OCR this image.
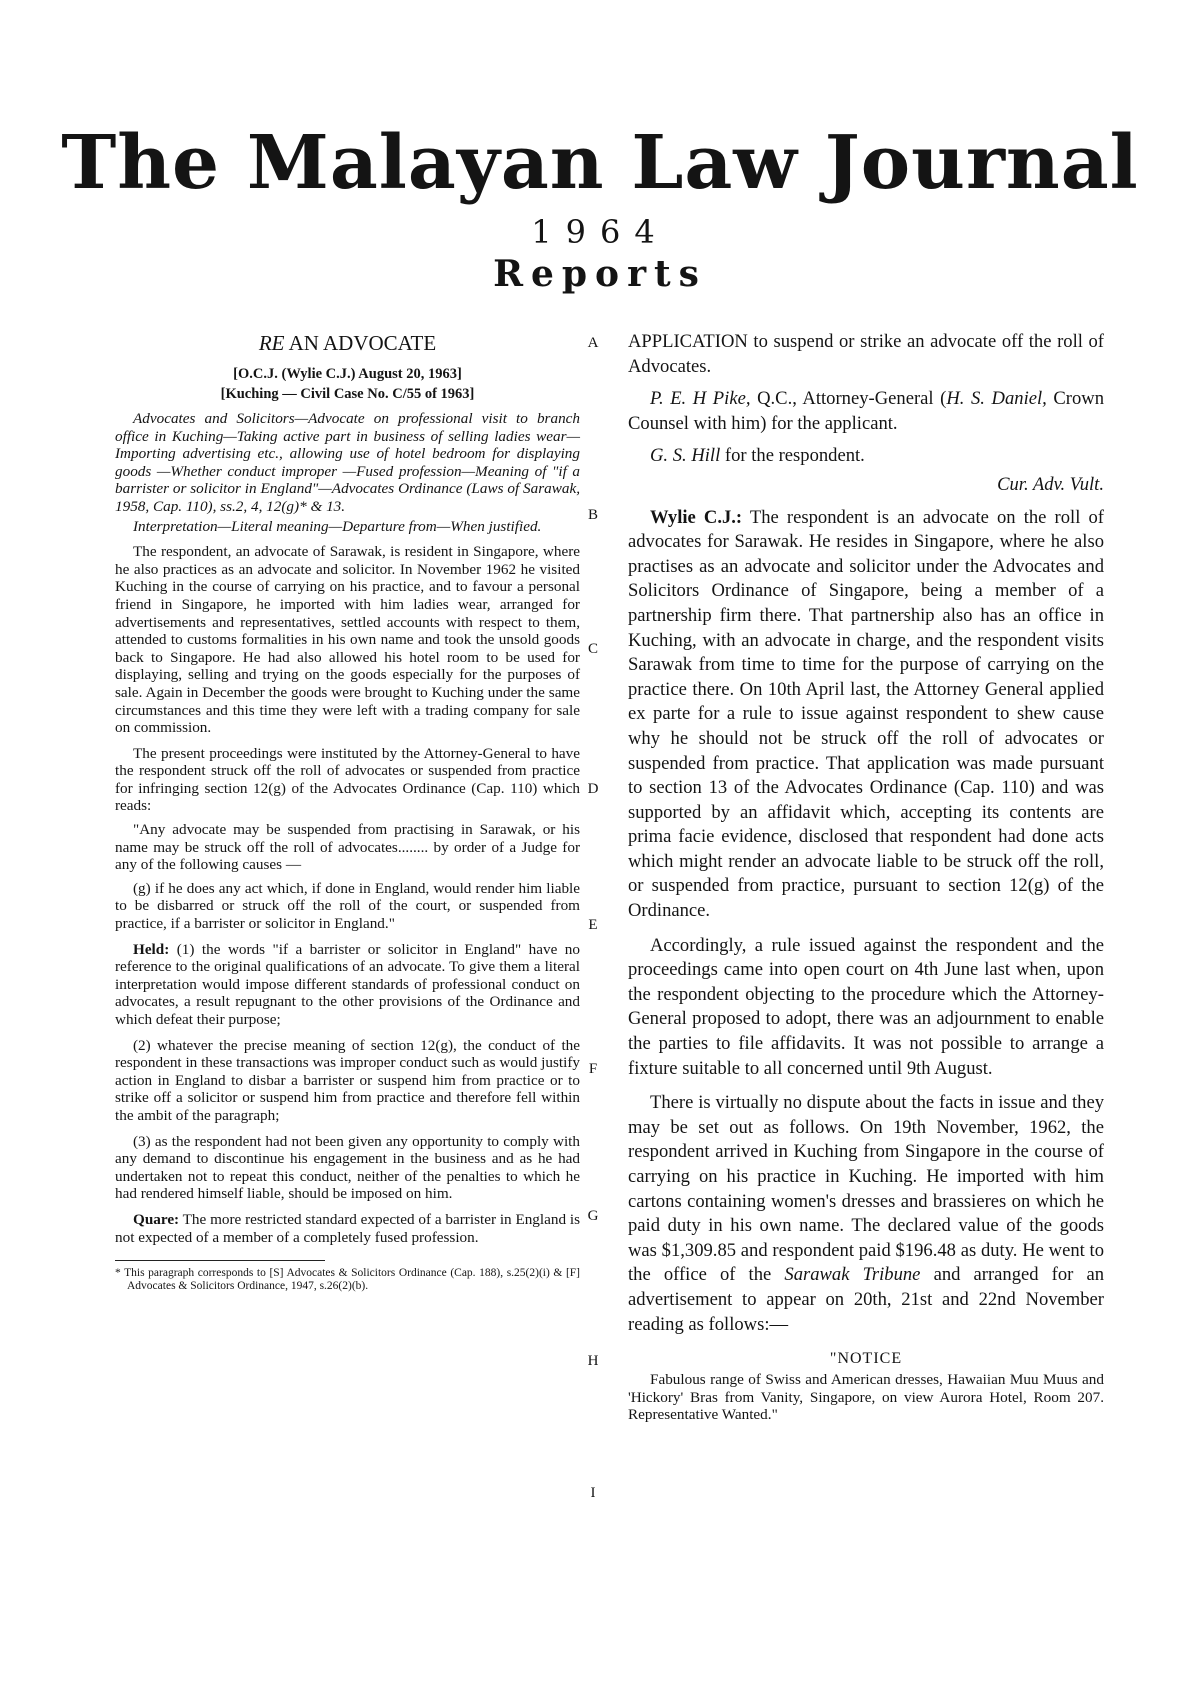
The Malayan Law Journal
1964
Reports

RE AN ADVOCATE

[O.C.J. (Wylie C.J.) August 20, 1963]

[Kuching — Civil Case No. C/55 of 1963]

Advocates and Solicitors—Advocate on professional visit to branch office in Kuching—Taking active part in business of selling ladies wear—Importing advertising etc., allowing use of hotel bedroom for displaying goods —Whether conduct improper —Fused profession—Meaning of "if a barrister or solicitor in England"—Advocates Ordinance (Laws of Sarawak, 1958, Cap. 110), ss.2, 4, 12(g)* & 13.

Interpretation—Literal meaning—Departure from—When justified.

The respondent, an advocate of Sarawak, is resident in Singapore, where he also practices as an advocate and solicitor. In November 1962 he visited Kuching in the course of carrying on his practice, and to favour a personal friend in Singapore, he imported with him ladies wear, arranged for advertisements and representatives, settled accounts with respect to them, attended to customs formalities in his own name and took the unsold goods back to Singapore. He had also allowed his hotel room to be used for displaying, selling and trying on the goods especially for the purposes of sale. Again in December the goods were brought to Kuching under the same circumstances and this time they were left with a trading company for sale on commission.

The present proceedings were instituted by the Attorney-General to have the respondent struck off the roll of advocates or suspended from practice for infringing section 12(g) of the Advocates Ordinance (Cap. 110) which reads:

"Any advocate may be suspended from practising in Sarawak, or his name may be struck off the roll of advocates........ by order of a Judge for any of the following causes —

(g) if he does any act which, if done in England, would render him liable to be disbarred or struck off the roll of the court, or suspended from practice, if a barrister or solicitor in England."

Held: (1) the words "if a barrister or solicitor in England" have no reference to the original qualifications of an advocate. To give them a literal interpretation would impose different standards of professional conduct on advocates, a result repugnant to the other provisions of the Ordinance and which defeat their purpose;

(2) whatever the precise meaning of section 12(g), the conduct of the respondent in these transactions was improper conduct such as would justify action in England to disbar a barrister or suspend him from practice or to strike off a solicitor or suspend him from practice and therefore fell within the ambit of the paragraph;

(3) as the respondent had not been given any opportunity to comply with any demand to discontinue his engagement in the business and as he had undertaken not to repeat this conduct, neither of the penalties to which he had rendered himself liable, should be imposed on him.

Quare: The more restricted standard expected of a barrister in England is not expected of a member of a completely fused profession.

* This paragraph corresponds to [S] Advocates & Solicitors Ordinance (Cap. 188), s.25(2)(i) & [F] Advocates & Solicitors Ordinance, 1947, s.26(2)(b).

A
B
C
D
E
F
G
H
I

APPLICATION to suspend or strike an advocate off the roll of Advocates.

P. E. H Pike, Q.C., Attorney-General (H. S. Daniel, Crown Counsel with him) for the applicant.

G. S. Hill for the respondent.

Cur. Adv. Vult.

Wylie C.J.: The respondent is an advocate on the roll of advocates for Sarawak. He resides in Singapore, where he also practises as an advocate and solicitor under the Advocates and Solicitors Ordinance of Singapore, being a member of a partnership firm there. That partnership also has an office in Kuching, with an advocate in charge, and the respondent visits Sarawak from time to time for the purpose of carrying on the practice there. On 10th April last, the Attorney General applied ex parte for a rule to issue against respondent to shew cause why he should not be struck off the roll of advocates or suspended from practice. That application was made pursuant to section 13 of the Advocates Ordinance (Cap. 110) and was supported by an affidavit which, accepting its contents are prima facie evidence, disclosed that respondent had done acts which might render an advocate liable to be struck off the roll, or suspended from practice, pursuant to section 12(g) of the Ordinance.

Accordingly, a rule issued against the respondent and the proceedings came into open court on 4th June last when, upon the respondent objecting to the procedure which the Attorney-General proposed to adopt, there was an adjournment to enable the parties to file affidavits. It was not possible to arrange a fixture suitable to all concerned until 9th August.

There is virtually no dispute about the facts in issue and they may be set out as follows. On 19th November, 1962, the respondent arrived in Kuching from Singapore in the course of carrying on his practice in Kuching. He imported with him cartons containing women's dresses and brassieres on which he paid duty in his own name. The declared value of the goods was $1,309.85 and respondent paid $196.48 as duty. He went to the office of the Sarawak Tribune and arranged for an advertisement to appear on 20th, 21st and 22nd November reading as follows:—

"NOTICE

Fabulous range of Swiss and American dresses, Hawaiian Muu Muus and 'Hickory' Bras from Vanity, Singapore, on view Aurora Hotel, Room 207. Representative Wanted."
